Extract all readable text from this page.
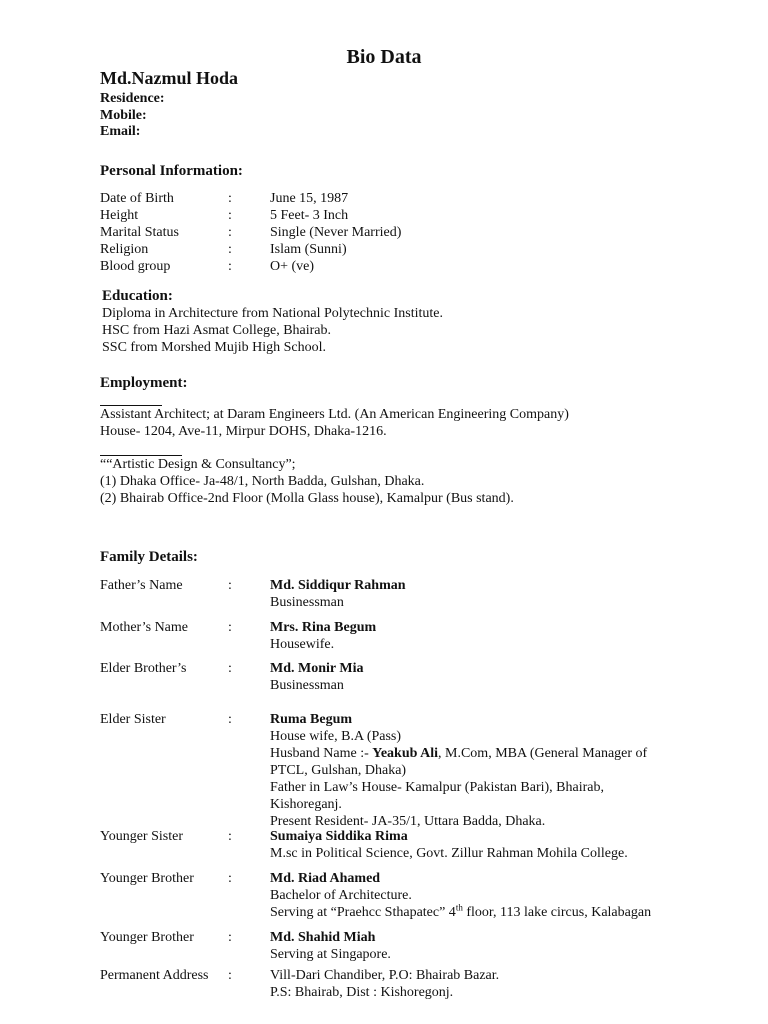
Bio Data
Md.Nazmul Hoda
Residence:
Mobile:
Email:
Personal Information:
Date of Birth	:	June 15, 1987
Height	:	5 Feet- 3 Inch
Marital Status	:	Single (Never Married)
Religion	:	Islam (Sunni)
Blood group	:	O+ (ve)
Education:
Diploma in Architecture from National Polytechnic Institute.
HSC from Hazi Asmat College, Bhairab.
SSC from Morshed Mujib High School.
Employment:
Assistant Architect; at Daram Engineers Ltd. (An American Engineering Company)
House- 1204, Ave-11, Mirpur DOHS, Dhaka-1216.
““Artistic Design & Consultancy”;
(1) Dhaka Office- Ja-48/1, North Badda, Gulshan, Dhaka.
(2) Bhairab Office-2nd Floor (Molla Glass house), Kamalpur (Bus stand).
Family Details:
Father’s Name	:	Md. Siddiqur Rahman
Businessman
Mother’s Name	:	Mrs. Rina Begum
Housewife.
Elder Brother’s	:	Md. Monir Mia
Businessman
Elder Sister	:	Ruma Begum
House wife, B.A (Pass)
Husband Name :- Yeakub Ali, M.Com, MBA (General Manager of PTCL, Gulshan, Dhaka)
Father in Law’s House- Kamalpur (Pakistan Bari), Bhairab, Kishoreganj.
Present Resident- JA-35/1, Uttara Badda, Dhaka.
Younger Sister	:	Sumaiya Siddika Rima
M.sc in Political Science, Govt. Zillur Rahman Mohila College.
Younger Brother :	Md. Riad Ahamed
Bachelor of Architecture.
Serving at “Praehcc Sthapatec” 4th floor, 113 lake circus, Kalabagan
Younger Brother :	Md. Shahid Miah
Serving at Singapore.
Permanent Address :	Vill-Dari Chandiber, P.O: Bhairab Bazar.
P.S: Bhairab, Dist : Kishoregonj.
